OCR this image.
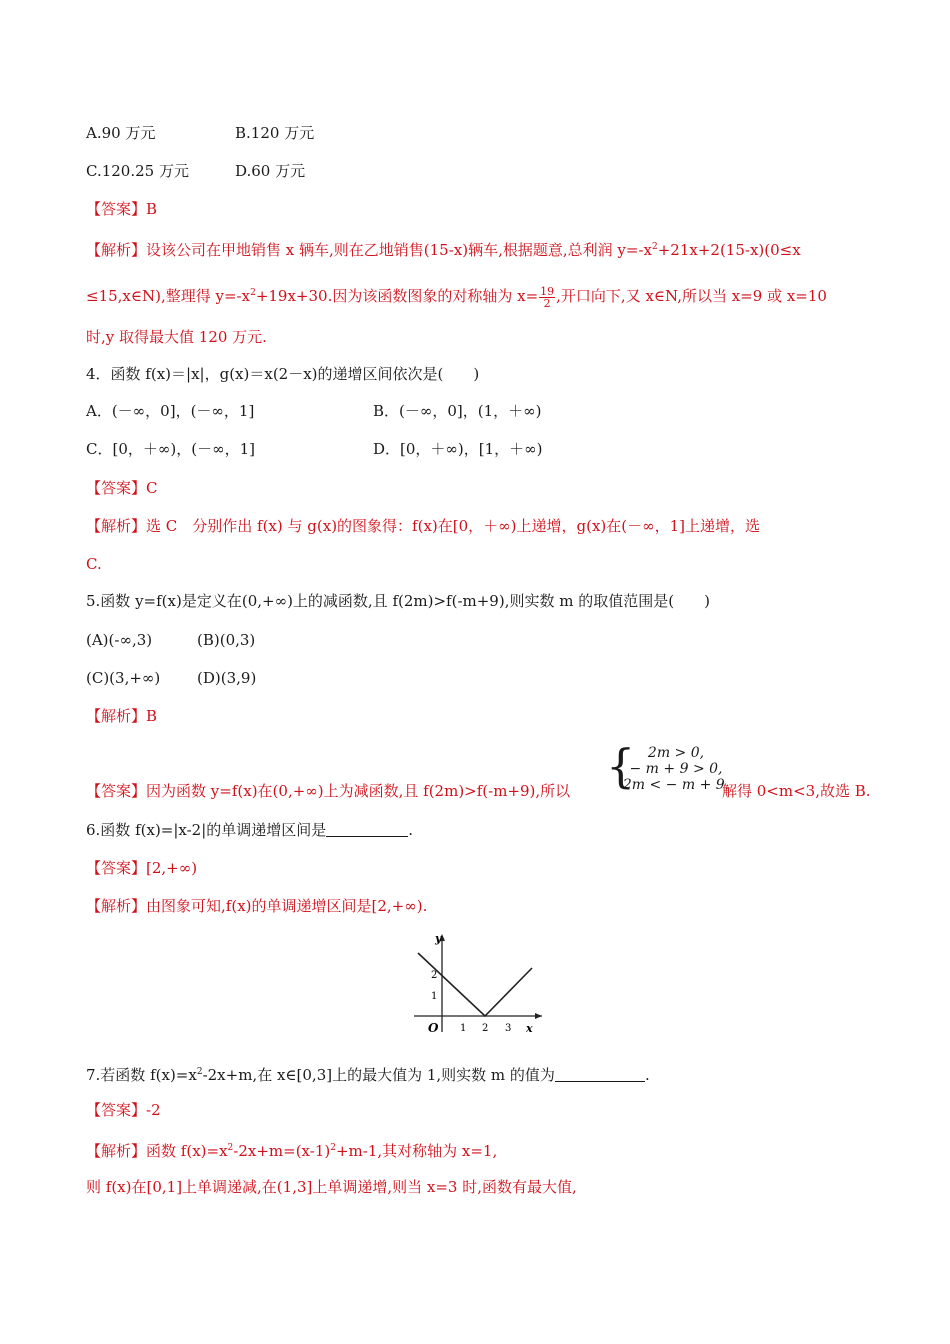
A.90 万元	B.120 万元
C.120.25 万元	D.60 万元
【答案】B
【解析】设该公司在甲地销售 x 辆车,则在乙地销售(15-x)辆车,根据题意,总利润 $y=-x^2+21x+2(15-x)(0\le x$
≤15,x∈N),整理得 $y=-x^2+19x+30$.因为该函数图象的对称轴为 $x= \frac{19}{2}$ ,开口向下,又 x∈N,所以当 x=9 或 x=10
时,y 取得最大值 120 万元.
4．函数 f(x)＝|x|，g(x)＝x(2－x)的递增区间依次是(　　)
A．(－∞，0]，(－∞，1]	B．(－∞，0]，(1，＋∞)
C．[0，＋∞)，(－∞，1]	D．[0，＋∞)，[1，＋∞)
【答案】C
【解析】选 C　分别作出 f(x) 与 g(x)的图象得：f(x)在[0，＋∞)上递增，g(x)在(－∞，1]上递增，选
C.
5.函数 y=f(x)是定义在(0,+∞)上的减函数,且 f(2m)>f(-m+9),则实数 m 的取值范围是(　　)
(A)(-∞,3)	(B)(0,3)
(C)(3,+∞) (D)(3,9)
【解析】B
【答案】因为函数 y=f(x)在(0,+∞)上为减函数,且 f(2m)>f(-m+9),所以 { 2m > 0,
− m + 9 > 0,
2m < − m + 9.
解得 0<m<3,故选 B.
6.函数 f(x)=|x-2|的单调递增区间是	.
【答案】[2,+∞)
【解析】由图象可知,f(x)的单调递增区间是[2,+∞).
y
x
O 1 2 3
1
2
7.若函数 $f(x)=x^2-2x+m$,在 x∈[0,3]上的最大值为 1,则实数 m 的值为	.
【答案】-2
【解析】函数 $f(x)=x^2-2x+m=(x-1)^2+m-1$,其对称轴为 x=1,
则 f(x)在[0,1]上单调递减,在(1,3]上单调递增,则当 x=3 时,函数有最大值,
